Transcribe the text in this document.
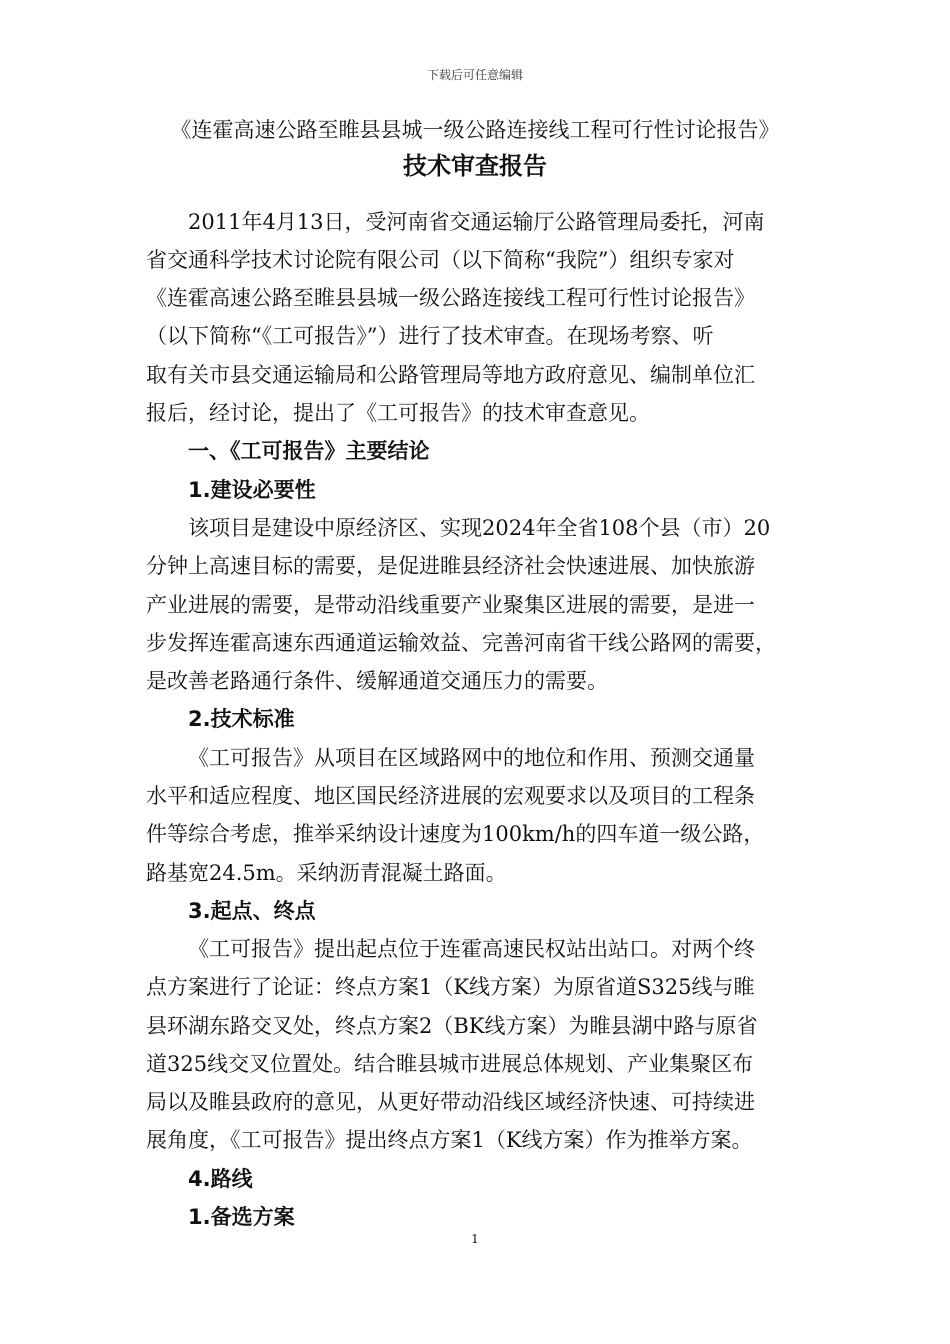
下载后可任意编辑
《连霍高速公路至睢县县城一级公路连接线工程可行性讨论报告》
技术审查报告
2011年4月13日，受河南省交通运输厅公路管理局委托，河南
省交通科学技术讨论院有限公司（以下简称“我院”）组织专家对
《连霍高速公路至睢县县城一级公路连接线工程可行性讨论报告》
（以下简称“《工可报告》”）进行了技术审查。在现场考察、听
取有关市县交通运输局和公路管理局等地方政府意见、编制单位汇
报后，经讨论，提出了《工可报告》的技术审查意见。
一、《工可报告》主要结论
1.建设必要性
该项目是建设中原经济区、实现2024年全省108个县（市）20
分钟上高速目标的需要，是促进睢县经济社会快速进展、加快旅游
产业进展的需要，是带动沿线重要产业聚集区进展的需要，是进一
步发挥连霍高速东西通道运输效益、完善河南省干线公路网的需要，
是改善老路通行条件、缓解通道交通压力的需要。
2.技术标准
《工可报告》从项目在区域路网中的地位和作用、预测交通量
水平和适应程度、地区国民经济进展的宏观要求以及项目的工程条
件等综合考虑，推举采纳设计速度为100km/h的四车道一级公路，
路基宽24.5m。采纳沥青混凝土路面。
3.起点、终点
《工可报告》提出起点位于连霍高速民权站出站口。对两个终
点方案进行了论证：终点方案1（K线方案）为原省道S325线与睢
县环湖东路交叉处，终点方案2（BK线方案）为睢县湖中路与原省
道325线交叉位置处。结合睢县城市进展总体规划、产业集聚区布
局以及睢县政府的意见，从更好带动沿线区域经济快速、可持续进
展角度，《工可报告》提出终点方案1（K线方案）作为推举方案。
4.路线
1.备选方案
1
